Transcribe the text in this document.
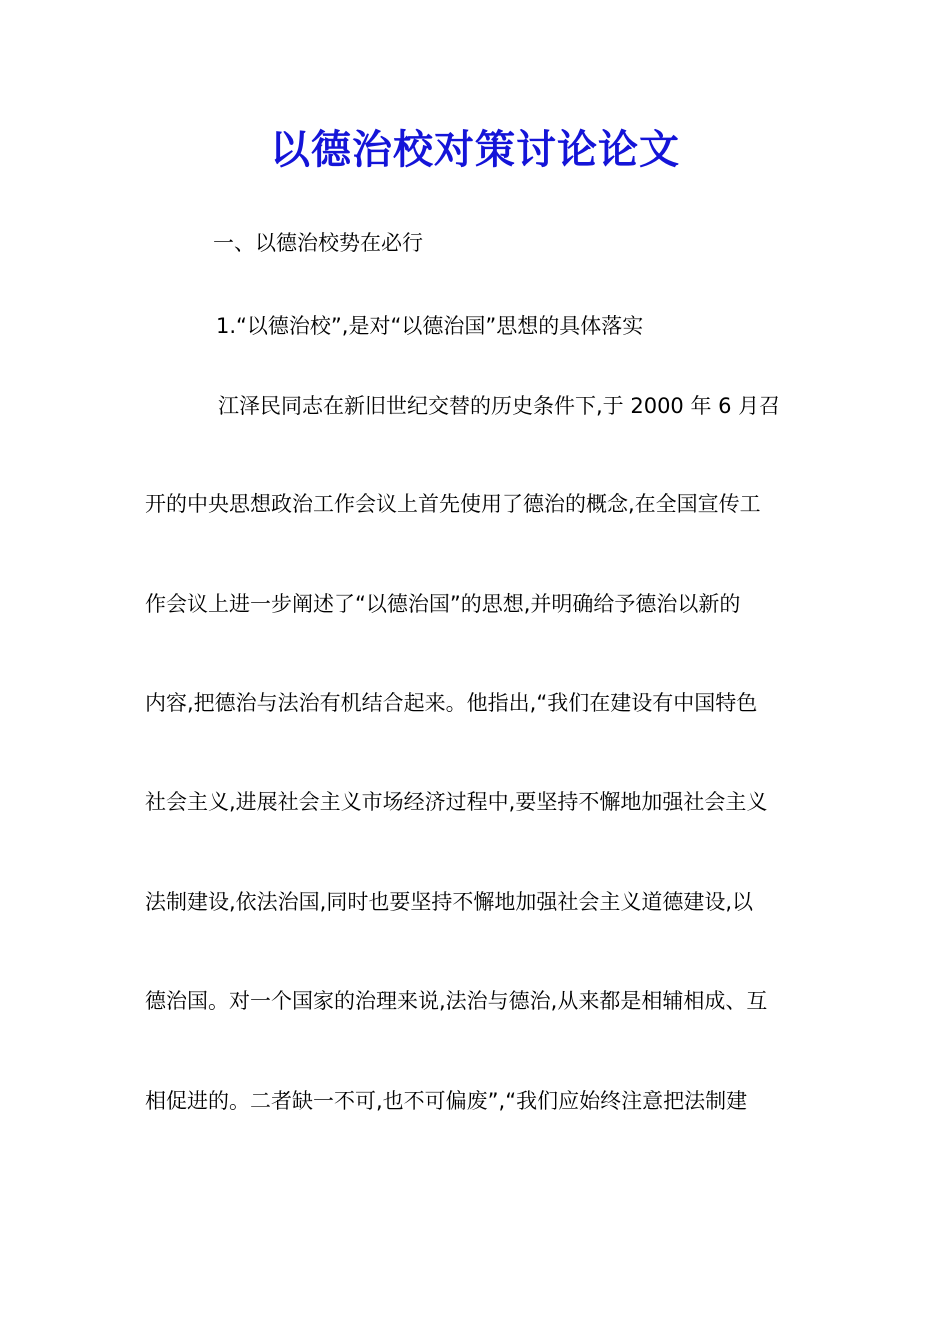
以德治校对策讨论论文

一、以德治校势在必行

1.“以德治校”,是对“以德治国”思想的具体落实

江泽民同志在新旧世纪交替的历史条件下,于 2000 年 6 月召

开的中央思想政治工作会议上首先使用了德治的概念,在全国宣传工

作会议上进一步阐述了“以德治国”的思想,并明确给予德治以新的

内容,把德治与法治有机结合起来。他指出,“我们在建设有中国特色

社会主义,进展社会主义市场经济过程中,要坚持不懈地加强社会主义

法制建设,依法治国,同时也要坚持不懈地加强社会主义道德建设,以

德治国。对一个国家的治理来说,法治与德治,从来都是相辅相成、互

相促进的。二者缺一不可,也不可偏废”,“我们应始终注意把法制建
